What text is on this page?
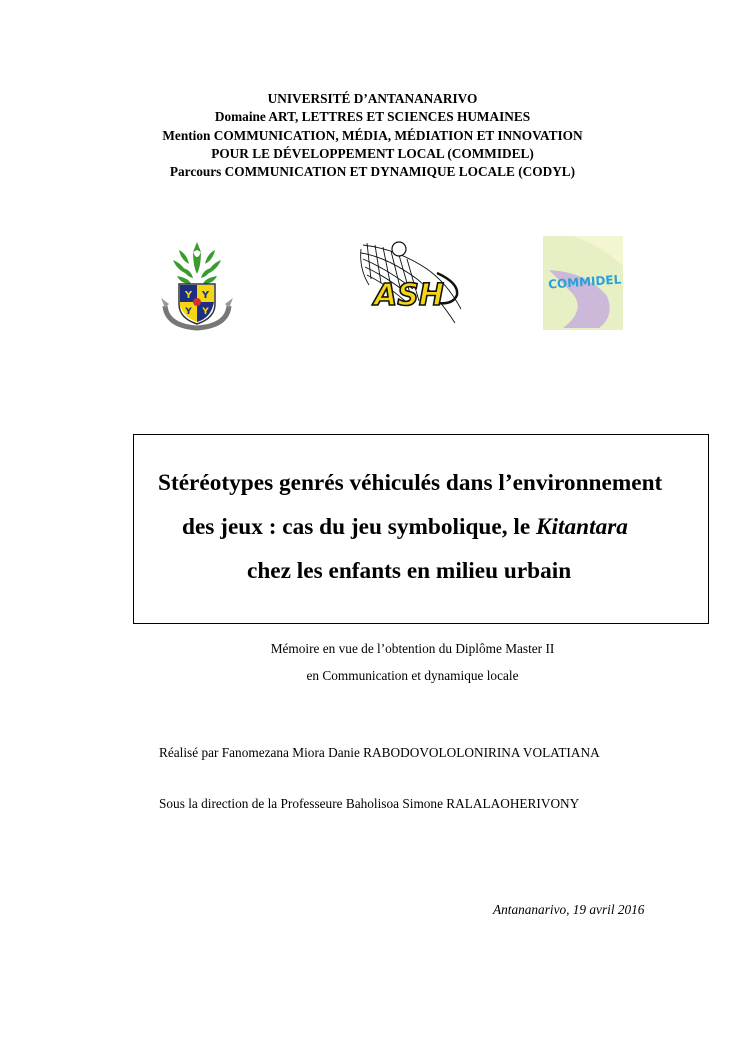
UNIVERSITÉ D’ANTANANARIVO
Domaine ART, LETTRES ET SCIENCES HUMAINES
Mention COMMUNICATION, MÉDIA, MÉDIATION ET INNOVATION
POUR LE DÉVELOPPEMENT LOCAL (COMMIDEL)
Parcours COMMUNICATION ET DYNAMIQUE LOCALE (CODYL)
Y Y
Y Y	ASH	COMMIDEL
Stéréotypes genrés véhiculés dans l’environnement
des jeux : cas du jeu symbolique, le Kitantara
chez les enfants en milieu urbain
Mémoire en vue de l’obtention du Diplôme Master II
en Communication et dynamique locale
Réalisé par Fanomezana Miora Danie RABODOVOLOLONIRINA VOLATIANA
Sous la direction de la Professeure Baholisoa Simone RALALAOHERIVONY
Antananarivo, 19 avril 2016
